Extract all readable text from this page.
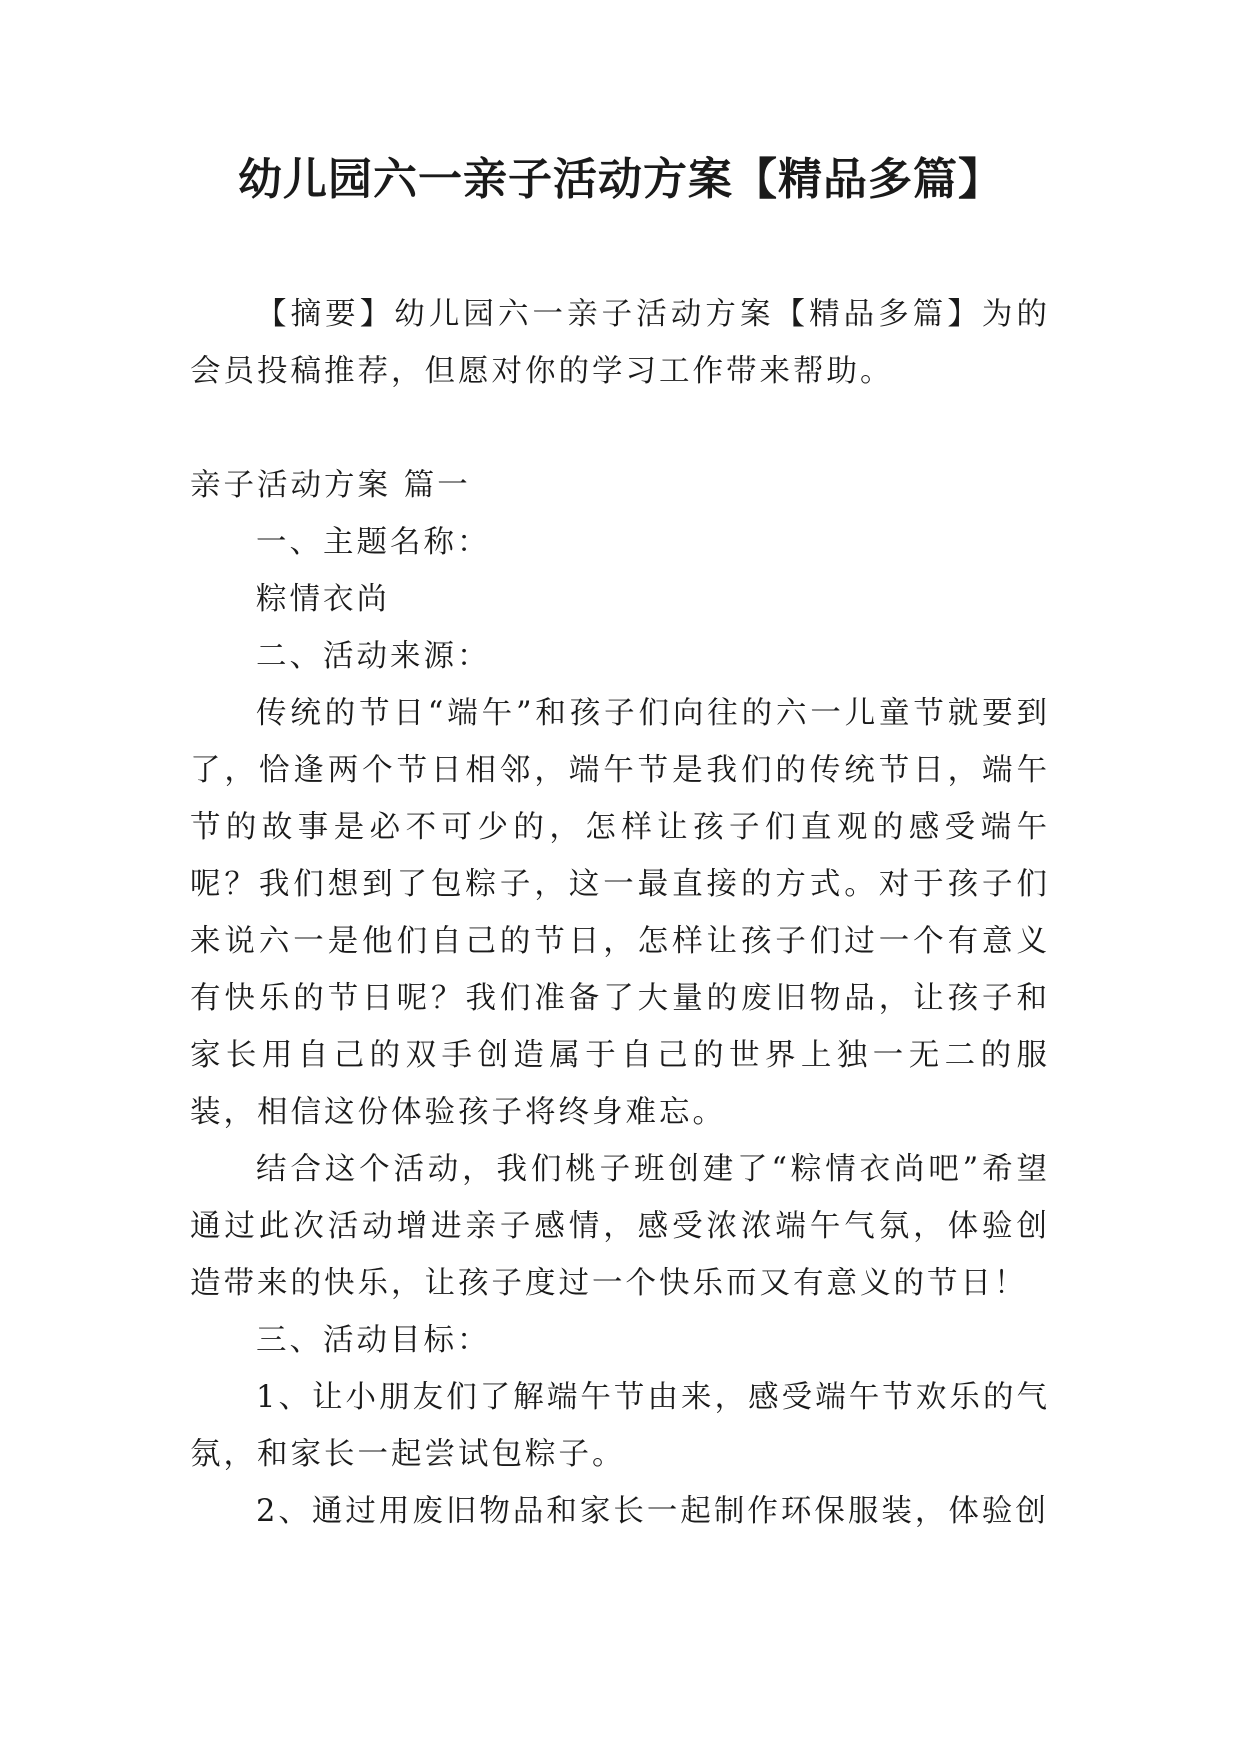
幼儿园六一亲子活动方案【精品多篇】

【摘要】幼儿园六一亲子活动方案【精品多篇】为的会员投稿推荐，但愿对你的学习工作带来帮助。

亲子活动方案 篇一

一、主题名称：

粽情衣尚

二、活动来源：

传统的节日“端午”和孩子们向往的六一儿童节就要到了，恰逢两个节日相邻，端午节是我们的传统节日，端午节的故事是必不可少的，怎样让孩子们直观的感受端午呢？我们想到了包粽子，这一最直接的方式。对于孩子们来说六一是他们自己的节日，怎样让孩子们过一个有意义有快乐的节日呢？我们准备了大量的废旧物品，让孩子和家长用自己的双手创造属于自己的世界上独一无二的服装，相信这份体验孩子将终身难忘。

结合这个活动，我们桃子班创建了“粽情衣尚吧”希望通过此次活动增进亲子感情，感受浓浓端午气氛，体验创造带来的快乐，让孩子度过一个快乐而又有意义的节日！

三、活动目标：

1、让小朋友们了解端午节由来，感受端午节欢乐的气氛，和家长一起尝试包粽子。

2、通过用废旧物品和家长一起制作环保服装，体验创
